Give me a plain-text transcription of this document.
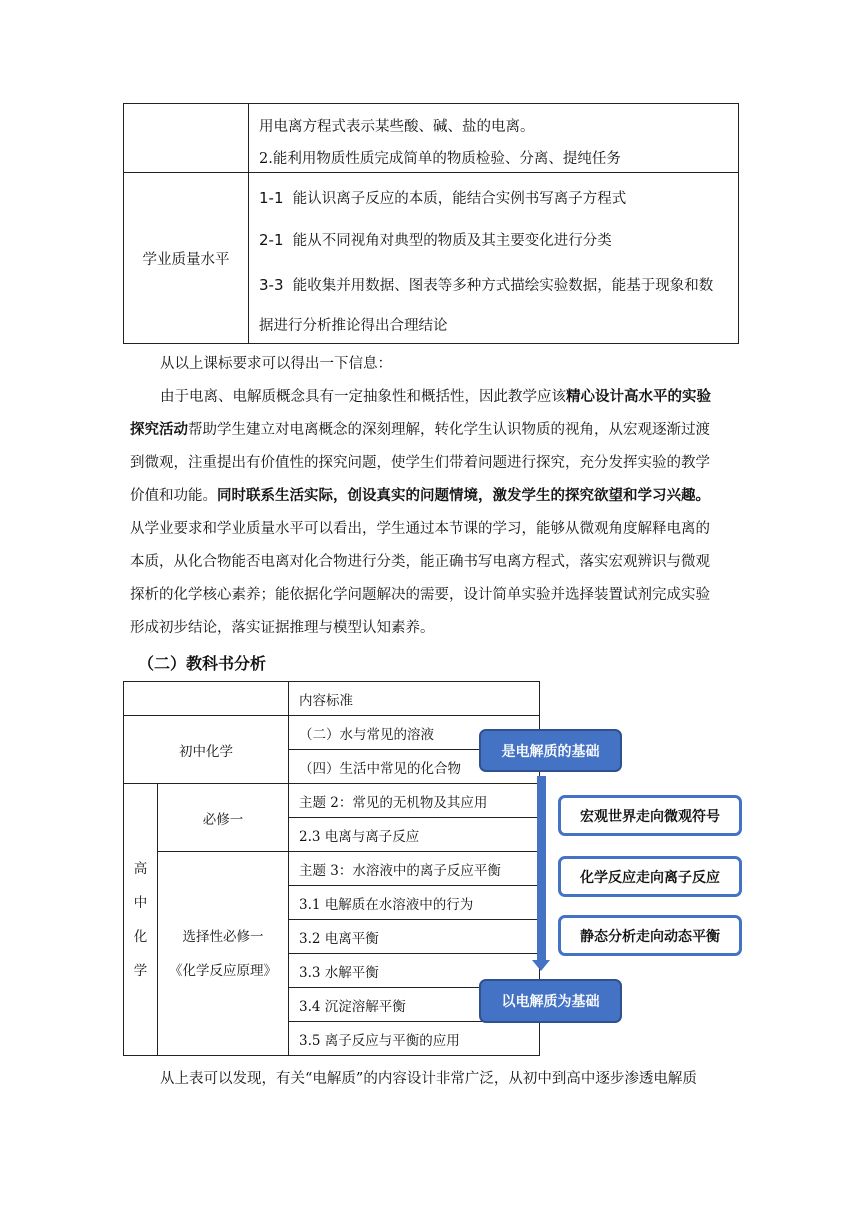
	用电离方程式表示某些酸、碱、盐的电离。
2.能利用物质性质完成简单的物质检验、分离、提纯任务

学业质量水平	1-1 能认识离子反应的本质，能结合实例书写离子方程式
2-1 能从不同视角对典型的物质及其主要变化进行分类
3-3 能收集并用数据、图表等多种方式描绘实验数据，能基于现象和数
据进行分析推论得出合理结论
从以上课标要求可以得出一下信息：
由于电离、电解质概念具有一定抽象性和概括性，因此教学应该精心设计高水平的实验
探究活动帮助学生建立对电离概念的深刻理解，转化学生认识物质的视角，从宏观逐渐过渡
到微观，注重提出有价值性的探究问题，使学生们带着问题进行探究，充分发挥实验的教学
价值和功能。同时联系生活实际，创设真实的问题情境，激发学生的探究欲望和学习兴趣。
从学业要求和学业质量水平可以看出，学生通过本节课的学习，能够从微观角度解释电离的
本质，从化合物能否电离对化合物进行分类，能正确书写电离方程式，落实宏观辨识与微观
探析的化学核心素养；能依据化学问题解决的需要，设计简单实验并选择装置试剂完成实验
形成初步结论，落实证据推理与模型认知素养。
（二）教科书分析
		内容标准
初中化学		（二）水与常见的溶液
		（四）生活中常见的化合物

高
中
化
学	必修一	主题 2：常见的无机物及其应用
		2.3 电离与离子反应

	选择性必修一
《化学反应原理》	主题 3：水溶液中的离子反应平衡
		3.1 电解质在水溶液中的行为
		3.2 电离平衡
		3.3 水解平衡
		3.4 沉淀溶解平衡
		3.5 离子反应与平衡的应用
是电解质的基础
以电解质为基础
宏观世界走向微观符号
化学反应走向离子反应
静态分析走向动态平衡
从上表可以发现，有关“电解质”的内容设计非常广泛，从初中到高中逐步渗透电解质
